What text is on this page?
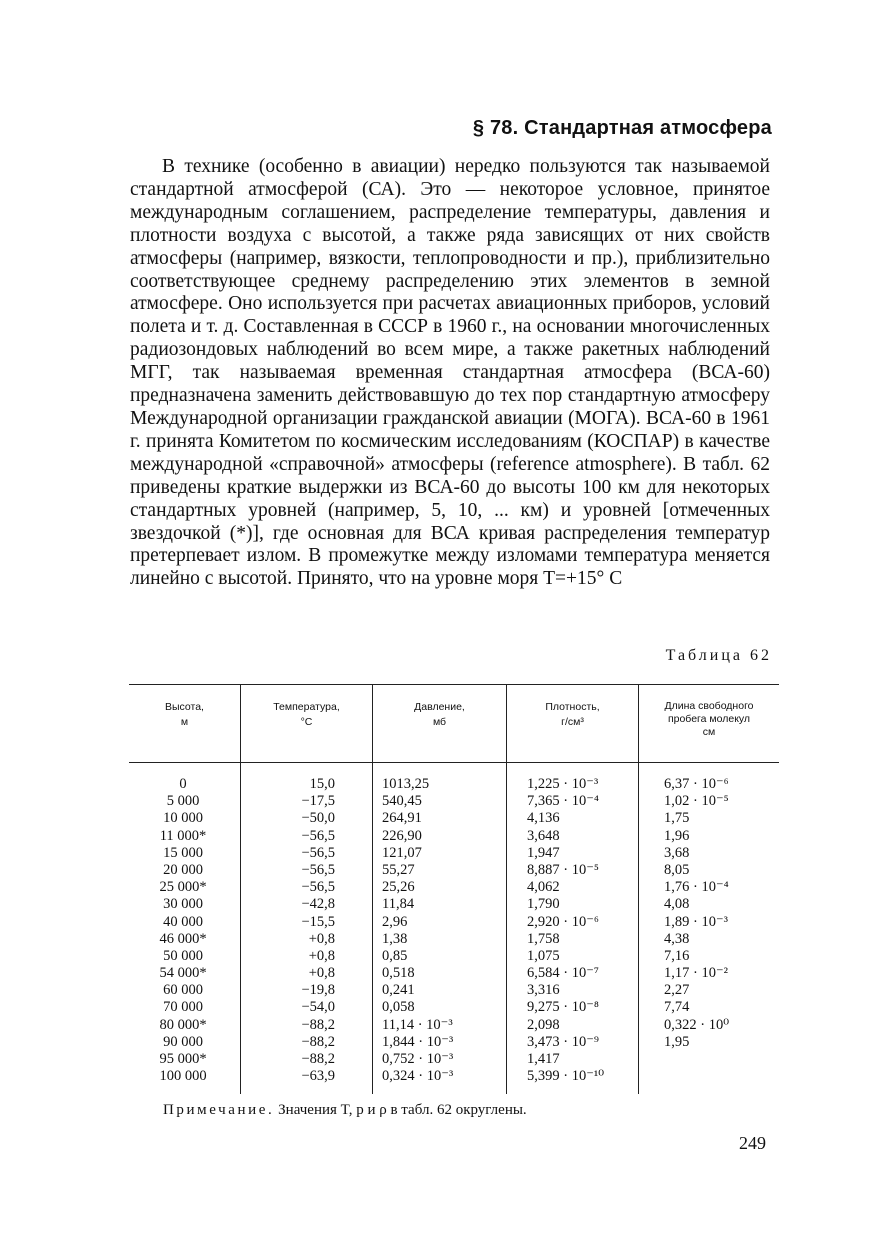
§ 78. Стандартная атмосфера

В технике (особенно в авиации) нередко пользуются так называемой стандартной атмосферой (СА). Это — некоторое условное, принятое международным соглашением, распределение температуры, давления и плотности воздуха с высотой, а также ряда зависящих от них свойств атмосферы (например, вязкости, теплопроводности и пр.), приблизительно соответствующее среднему распределению этих элементов в земной атмосфере. Оно используется при расчетах авиационных приборов, условий полета и т. д. Составленная в СССР в 1960 г., на основании многочисленных радиозондовых наблюдений во всем мире, а также ракетных наблюдений МГГ, так называемая временная стандартная атмосфера (ВСА-60) предназначена заменить действовавшую до тех пор стандартную атмосферу Международной организации гражданской авиации (МОГА). ВСА-60 в 1961 г. принята Комитетом по космическим исследованиям (КОСПАР) в качестве международной «справочной» атмосферы (reference atmosphere). В табл. 62 приведены краткие выдержки из ВСА-60 до высоты 100 км для некоторых стандартных уровней (например, 5, 10, ... км) и уровней [отмеченных звездочкой (*)], где основная для ВСА кривая распределения температур претерпевает излом. В промежутке между изломами температура меняется линейно с высотой. Принято, что на уровне моря T=+15° C

Таблица 62
Высота,
м
Температура,
°С
Давление,
мб
Плотность,
г/см³
Длина свободного
пробега молекул
см
0
5 000
10 000
11 000*
15 000
20 000
25 000*
30 000
40 000
46 000*
50 000
54 000*
60 000
70 000
80 000*
90 000
95 000*
100 000
15,0
−17,5
−50,0
−56,5
−56,5
−56,5
−56,5
−42,8
−15,5
+0,8
+0,8
+0,8
−19,8
−54,0
−88,2
−88,2
−88,2
−63,9
1013,25
540,45
264,91
226,90
121,07
55,27
25,26
11,84
2,96
1,38
0,85
0,518
0,241
0,058
11,14 · 10⁻³
1,844 · 10⁻³
0,752 · 10⁻³
0,324 · 10⁻³
1,225 · 10⁻³
7,365 · 10⁻⁴
4,136
3,648
1,947
8,887 · 10⁻⁵
4,062
1,790
2,920 · 10⁻⁶
1,758
1,075
6,584 · 10⁻⁷
3,316
9,275 · 10⁻⁸
2,098
3,473 · 10⁻⁹
1,417
5,399 · 10⁻¹⁰
6,37 · 10⁻⁶
1,02 · 10⁻⁵
1,75
1,96
3,68
8,05
1,76 · 10⁻⁴
4,08
1,89 · 10⁻³
4,38
7,16
1,17 · 10⁻²
2,27
7,74
0,322 · 10⁰
1,95
Примечание. Значения T, p и ρ в табл. 62 округлены.
249
